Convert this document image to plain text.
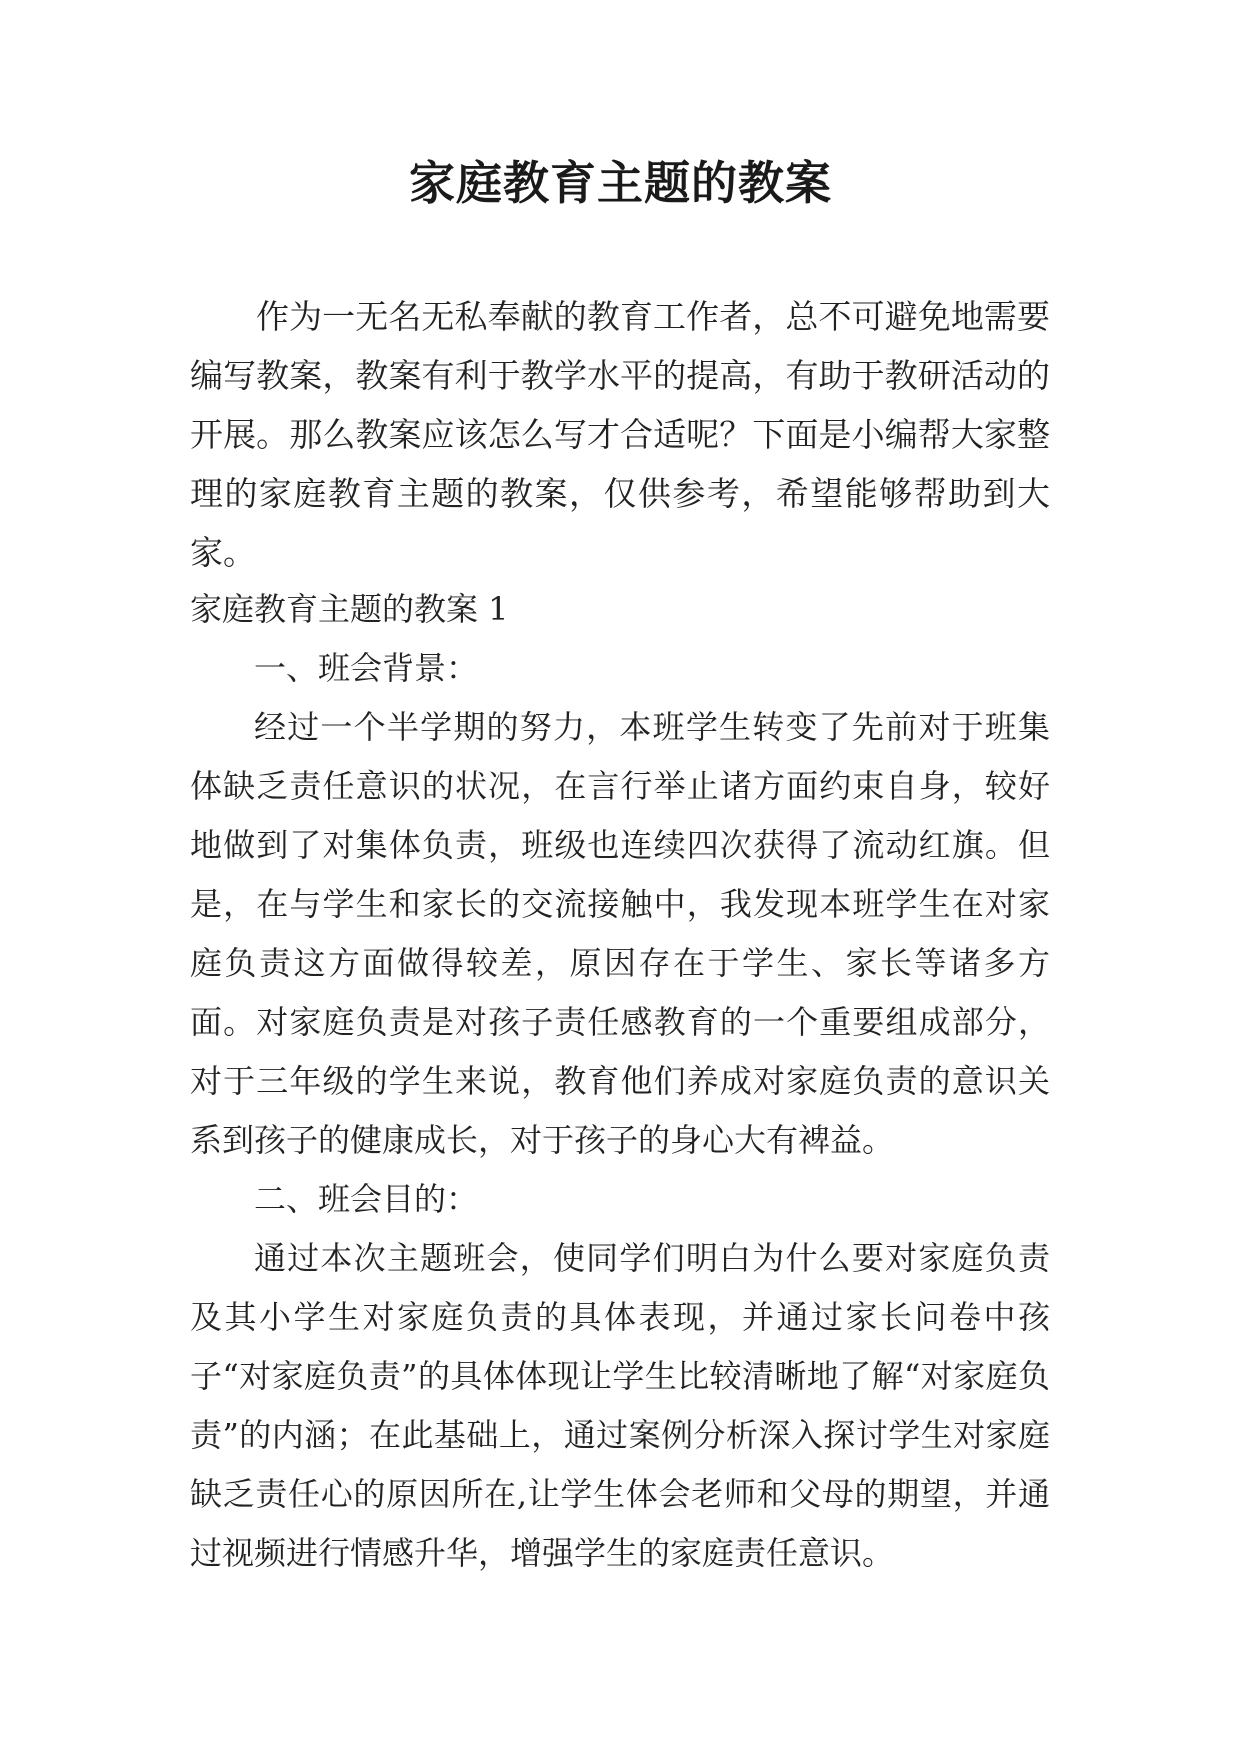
家庭教育主题的教案

作为一无名无私奉献的教育工作者，总不可避免地需要编写教案，教案有利于教学水平的提高，有助于教研活动的开展。那么教案应该怎么写才合适呢？下面是小编帮大家整理的家庭教育主题的教案，仅供参考，希望能够帮助到大家。

家庭教育主题的教案 1

一、班会背景：

经过一个半学期的努力，本班学生转变了先前对于班集体缺乏责任意识的状况，在言行举止诸方面约束自身，较好地做到了对集体负责，班级也连续四次获得了流动红旗。但是，在与学生和家长的交流接触中，我发现本班学生在对家庭负责这方面做得较差，原因存在于学生、家长等诸多方面。对家庭负责是对孩子责任感教育的一个重要组成部分，对于三年级的学生来说，教育他们养成对家庭负责的意识关系到孩子的健康成长，对于孩子的身心大有裨益。

二、班会目的：

通过本次主题班会，使同学们明白为什么要对家庭负责及其小学生对家庭负责的具体表现，并通过家长问卷中孩子“对家庭负责”的具体体现让学生比较清晰地了解“对家庭负责”的内涵；在此基础上，通过案例分析深入探讨学生对家庭缺乏责任心的原因所在,让学生体会老师和父母的期望，并通过视频进行情感升华，增强学生的家庭责任意识。
